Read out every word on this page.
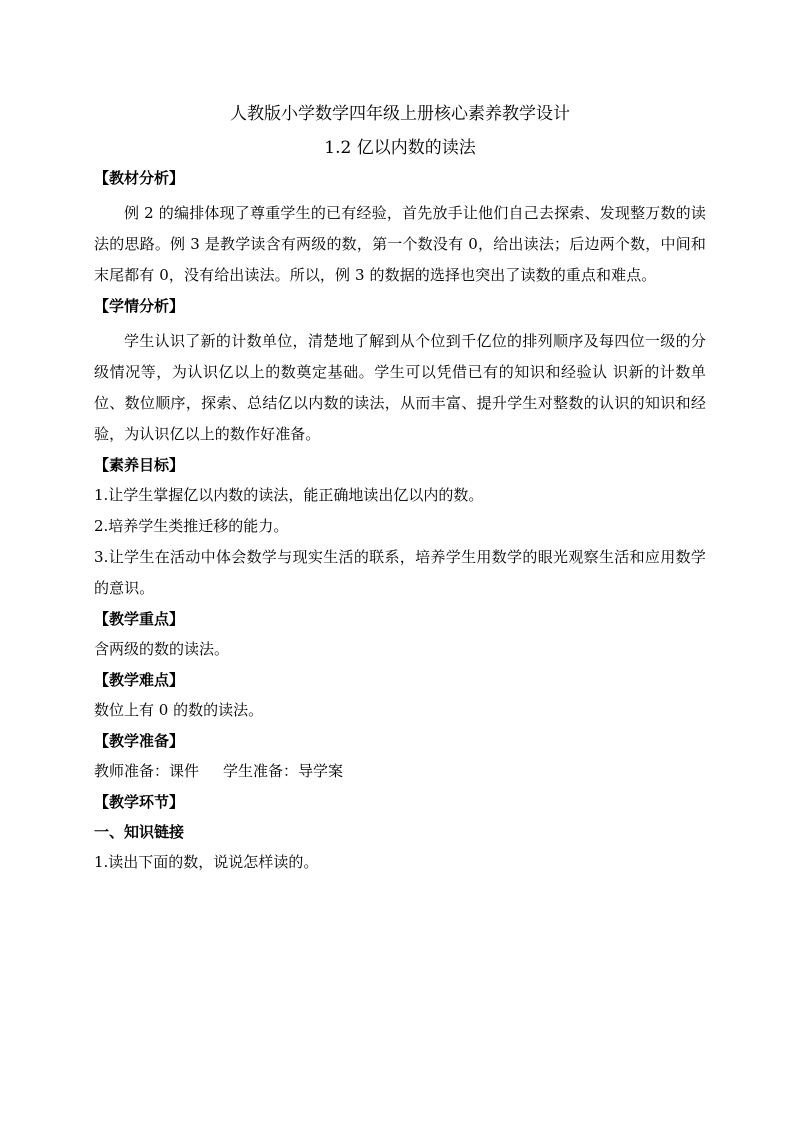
人教版小学数学四年级上册核心素养教学设计
1.2 亿以内数的读法
【教材分析】

例 2 的编排体现了尊重学生的已有经验，首先放手让他们自己去探索、发现整万数的读法的思路。例 3 是教学读含有两级的数，第一个数没有 0，给出读法；后边两个数，中间和末尾都有 0，没有给出读法。所以，例 3 的数据的选择也突出了读数的重点和难点。

【学情分析】

学生认识了新的计数单位，清楚地了解到从个位到千亿位的排列顺序及每四位一级的分级情况等，为认识亿以上的数奠定基础。学生可以凭借已有的知识和经验认 识新的计数单位、数位顺序，探索、总结亿以内数的读法，从而丰富、提升学生对整数的认识的知识和经验，为认识亿以上的数作好准备。

【素养目标】
1.让学生掌握亿以内数的读法，能正确地读出亿以内的数。
2.培养学生类推迁移的能力。

3.让学生在活动中体会数学与现实生活的联系，培养学生用数学的眼光观察生活和应用数学的意识。

【教学重点】
含两级的数的读法。
【教学难点】
数位上有 0 的数的读法。
【教学准备】
教师准备：课件 学生准备：导学案
【教学环节】
一、知识链接
1.读出下面的数，说说怎样读的。
